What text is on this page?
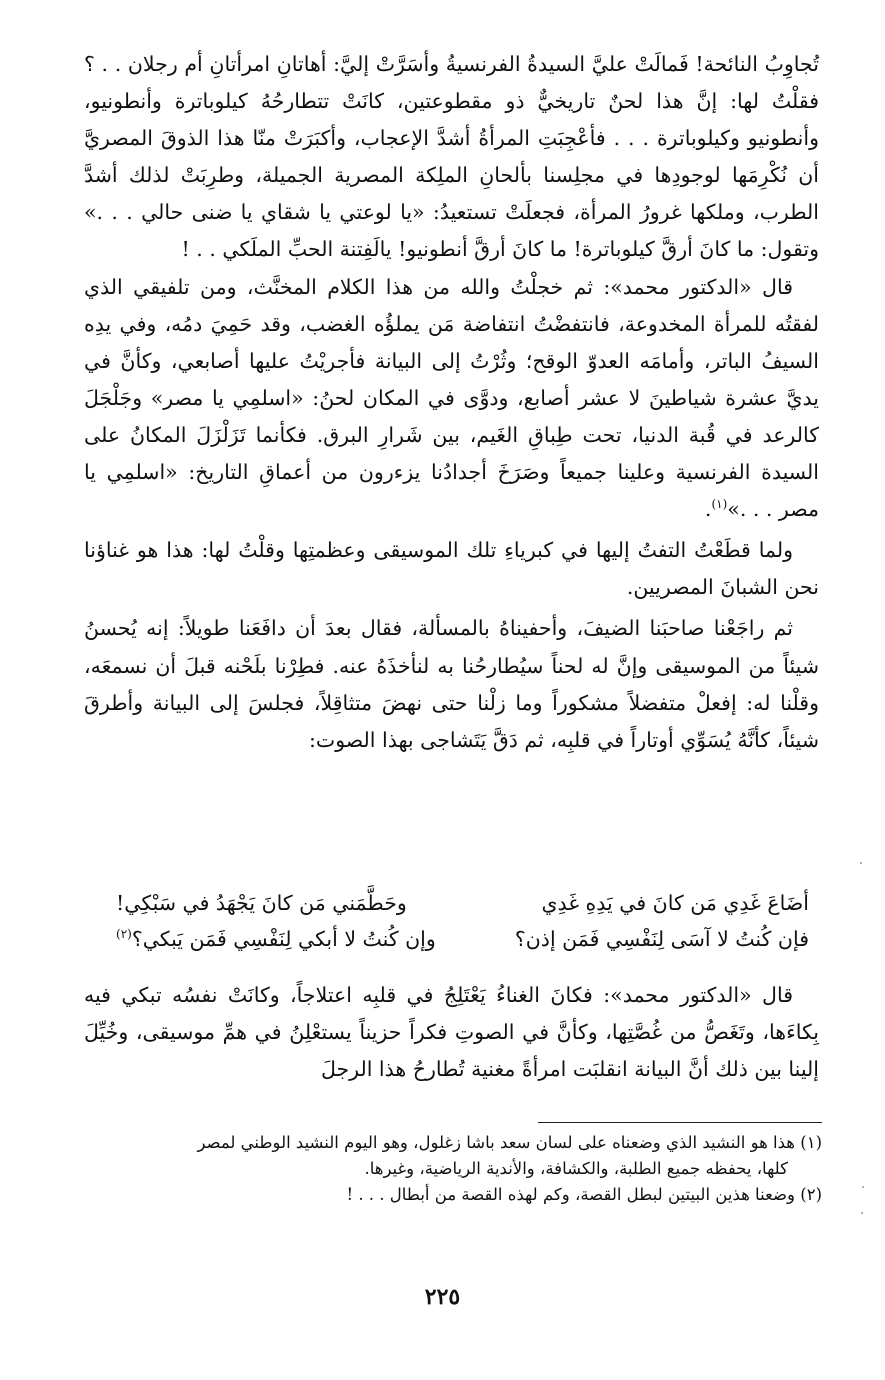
تُجاوِبُ النائحة! فَمالَتْ عليَّ السيدةُ الفرنسيةُ وأسَرَّتْ إليَّ: أهاتانِ امرأتانِ أم رجلان . . ؟ فقلْتُ لها: إنَّ هذا لحنٌ تاريخيٌّ ذو مقطوعتين، كانَتْ تتطارحُهُ كيلوباترة وأنطونيو، وأنطونيو وكيلوباترة . . . فأعْجِبَتِ المرأةُ أشدَّ الإعجاب، وأكبَرَتْ منّا هذا الذوقَ المصريَّ أن نُكْرِمَها لوجودِها في مجلِسنا بألحانِ الملِكة المصرية الجميلة، وطرِبَتْ لذلك أشدَّ الطرب، وملكها غرورُ المرأة، فجعلَتْ تستعيدُ: «يا لوعتي يا شقاي يا ضنى حالي . . .» وتقول: ما كانَ أرقَّ كيلوباترة! ما كانَ أرقَّ أنطونيو! يالَفِتنة الحبِّ الملَكي . . !

قال «الدكتور محمد»: ثم خجلْتُ والله من هذا الكلام المخنَّث، ومن تلفيقي الذي لفقتُه للمرأة المخدوعة، فانتفضْتُ انتفاضة مَن يملؤُه الغضب، وقد حَمِيَ دمُه، وفي يدِه السيفُ الباتر، وأمامَه العدوّ الوقح؛ وثُرْتُ إلى البيانة فأجريْتُ عليها أصابعي، وكأنَّ في يديَّ عشرة شياطينَ لا عشر أصابع، ودوَّى في المكان لحنُ: «اسلمِي يا مصر» وجَلْجَلَ كالرعد في قُبة الدنيا، تحت طِباقِ الغَيم، بين شَرارِ البرق. فكأنما تَزَلْزَلَ المكانُ على السيدة الفرنسية وعلينا جميعاً وصَرَخَ أجدادُنا يزءرون من أعماقِ التاريخ: «اسلمِي يا مصر . . .»$^{(١)}$.

ولما قطَعْتُ التفتُ إليها في كبرياءِ تلك الموسيقى وعظمتِها وقلْتُ لها: هذا هو غناؤنا نحن الشبانَ المصريين.

ثم راجَعْنا صاحبَنا الضيفَ، وأحفيناهُ بالمسألة، فقال بعدَ أن دافَعَنا طويلاً: إنه يُحسنُ شيئاً من الموسيقى وإنَّ له لحناً سيُطارحُنا به لنأخذَهُ عنه. فطِرْنا بلَحْنه قبلَ أن نسمعَه، وقلْنا له: إفعلْ متفضلاً مشكوراً وما زلْنا حتى نهضَ متثاقِلاً، فجلسَ إلى البيانة وأطرقَ شيئاً، كأنَّهُ يُسَوِّي أوتاراً في قلبِه، ثم دَقَّ يَتَشاجى بهذا الصوت:

أضَاعَ غَدِي مَن كانَ في يَدِهِ غَدِي
وحَطَّمَني مَن كانَ يَجْهَدُ في سَبْكِي!
فإن كُنتُ لا آسَى لِنَفْسِي فَمَن إذن؟
وإن كُنتُ لا أبكي لِنَفْسِي فَمَن يَبكي؟$^{(٢)}$

قال «الدكتور محمد»: فكانَ الغناءُ يَعْتَلِجُ في قلبِه اعتلاجاً، وكانَتْ نفسُه تبكي فيه بِكاءَها، وتَغَصُّ من غُصَّتِها، وكأنَّ في الصوتِ فكراً حزيناً يستعْلِنُ في همِّ موسيقى، وخُيِّلَ إلينا بين ذلك أنَّ البيانة انقلبَت امرأةً مغنية تُطارحُ هذا الرجلَ

(١) هذا هو النشيد الذي وضعناه على لسان سعد باشا زغلول، وهو اليوم النشيد الوطني لمصر

كلها، يحفظه جميع الطلبة، والكشافة، والأندية الرياضية، وغيرها.

(٢) وضعنا هذين البيتين لبطل القصة، وكم لهذه القصة من أبطال . . . !

٢٢٥
